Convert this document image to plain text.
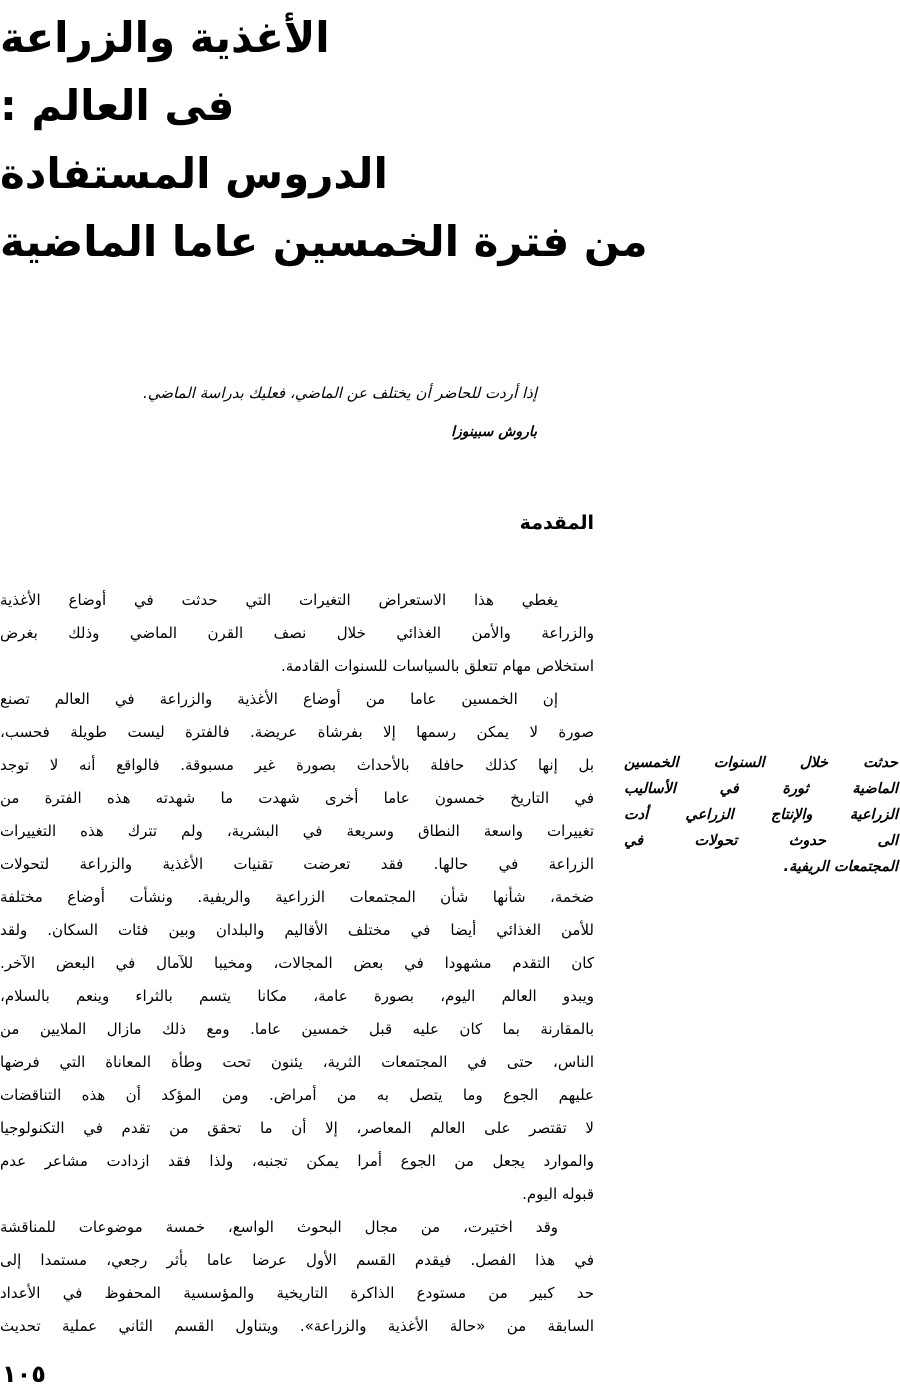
الأغذية والزراعة
فى العالم :
الدروس المستفادة
من فترة الخمسين عاما الماضية
إذا أردت للحاضر أن يختلف عن الماضي، فعليك بدراسة الماضي.
باروش سبينوزا
المقدمة
يغطي هذا الاستعراض التغيرات التي حدثت في أوضاع الأغذية
والزراعة والأمن الغذائي خلال نصف القرن الماضي وذلك بغرض
استخلاص مهام تتعلق بالسياسات للسنوات القادمة.
إن الخمسين عاما من أوضاع الأغذية والزراعة في العالم تصنع
صورة لا يمكن رسمها إلا بفرشاة عريضة. فالفترة ليست طويلة فحسب،
بل إنها كذلك حافلة بالأحداث بصورة غير مسبوقة. فالواقع أنه لا توجد
في التاريخ خمسون عاما أخرى شهدت ما شهدته هذه الفترة من
تغييرات واسعة النطاق وسريعة في البشرية، ولم تترك هذه التغييرات
الزراعة في حالها. فقد تعرضت تقنيات الأغذية والزراعة لتحولات
ضخمة، شأنها شأن المجتمعات الزراعية والريفية. ونشأت أوضاع مختلفة
للأمن الغذائي أيضا في مختلف الأقاليم والبلدان وبين فئات السكان. ولقد
كان التقدم مشهودا في بعض المجالات، ومخيبا للآمال في البعض الآخر.
ويبدو العالم اليوم، بصورة عامة، مكانا يتسم بالثراء وينعم بالسلام،
بالمقارنة بما كان عليه قبل خمسين عاما. ومع ذلك مازال الملايين من
الناس، حتى في المجتمعات الثرية، يئنون تحت وطأة المعاناة التي فرضها
عليهم الجوع وما يتصل به من أمراض. ومن المؤكد أن هذه التناقضات
لا تقتصر على العالم المعاصر، إلا أن ما تحقق من تقدم في التكنولوجيا
والموارد يجعل من الجوع أمرا يمكن تجنبه، ولذا فقد ازدادت مشاعر عدم
قبوله اليوم.
وقد اختيرت، من مجال البحوث الواسع، خمسة موضوعات للمناقشة
في هذا الفصل. فيقدم القسم الأول عرضا عاما بأثر رجعي، مستمدا إلى
حد كبير من مستودع الذاكرة التاريخية والمؤسسية المحفوظ في الأعداد
السابقة من «حالة الأغذية والزراعة». ويتناول القسم الثاني عملية تحديث
حدثت خلال السنوات الخمسين
الماضية ثورة في الأساليب
الزراعية والإنتاج الزراعي أدت
الى حدوث تحولات في
المجتمعات الريفية.
١٠٥
